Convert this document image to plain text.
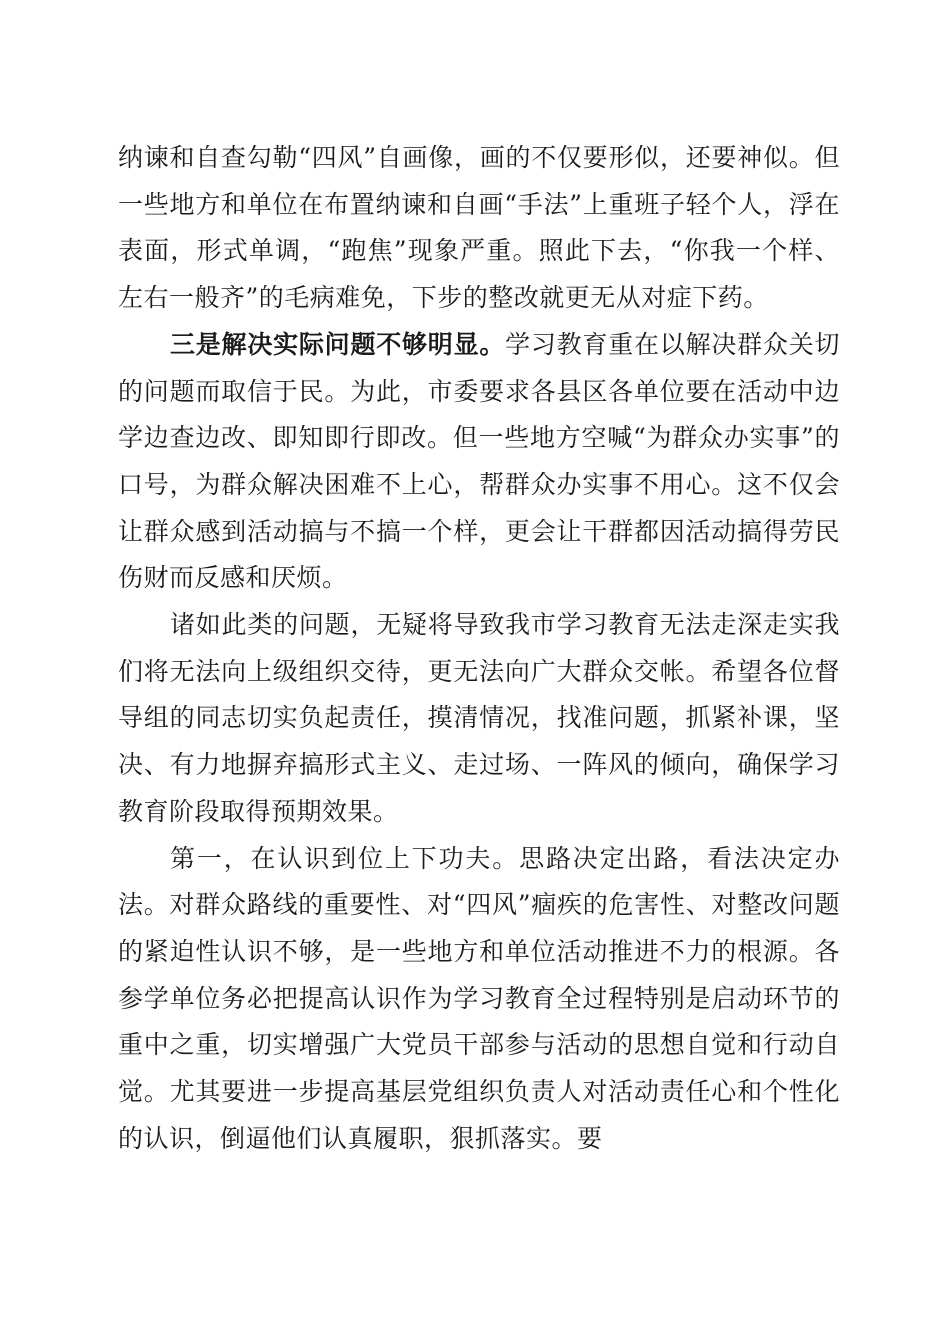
纳谏和自查勾勒“四风”自画像，画的不仅要形似，还要神似。但一些地方和单位在布置纳谏和自画“手法”上重班子轻个人，浮在表面，形式单调，“跑焦”现象严重。照此下去，“你我一个样、左右一般齐”的毛病难免，下步的整改就更无从对症下药。

三是解决实际问题不够明显。学习教育重在以解决群众关切的问题而取信于民。为此，市委要求各县区各单位要在活动中边学边查边改、即知即行即改。但一些地方空喊“为群众办实事”的口号，为群众解决困难不上心，帮群众办实事不用心。这不仅会让群众感到活动搞与不搞一个样，更会让干群都因活动搞得劳民伤财而反感和厌烦。

诸如此类的问题，无疑将导致我市学习教育无法走深走实我们将无法向上级组织交待，更无法向广大群众交帐。希望各位督导组的同志切实负起责任，摸清情况，找准问题，抓紧补课，坚决、有力地摒弃搞形式主义、走过场、一阵风的倾向，确保学习教育阶段取得预期效果。

第一，在认识到位上下功夫。思路决定出路，看法决定办法。对群众路线的重要性、对“四风”痼疾的危害性、对整改问题的紧迫性认识不够，是一些地方和单位活动推进不力的根源。各参学单位务必把提高认识作为学习教育全过程特别是启动环节的重中之重，切实增强广大党员干部参与活动的思想自觉和行动自觉。尤其要进一步提高基层党组织负责人对活动责任心和个性化的认识，倒逼他们认真履职，狠抓落实。要
